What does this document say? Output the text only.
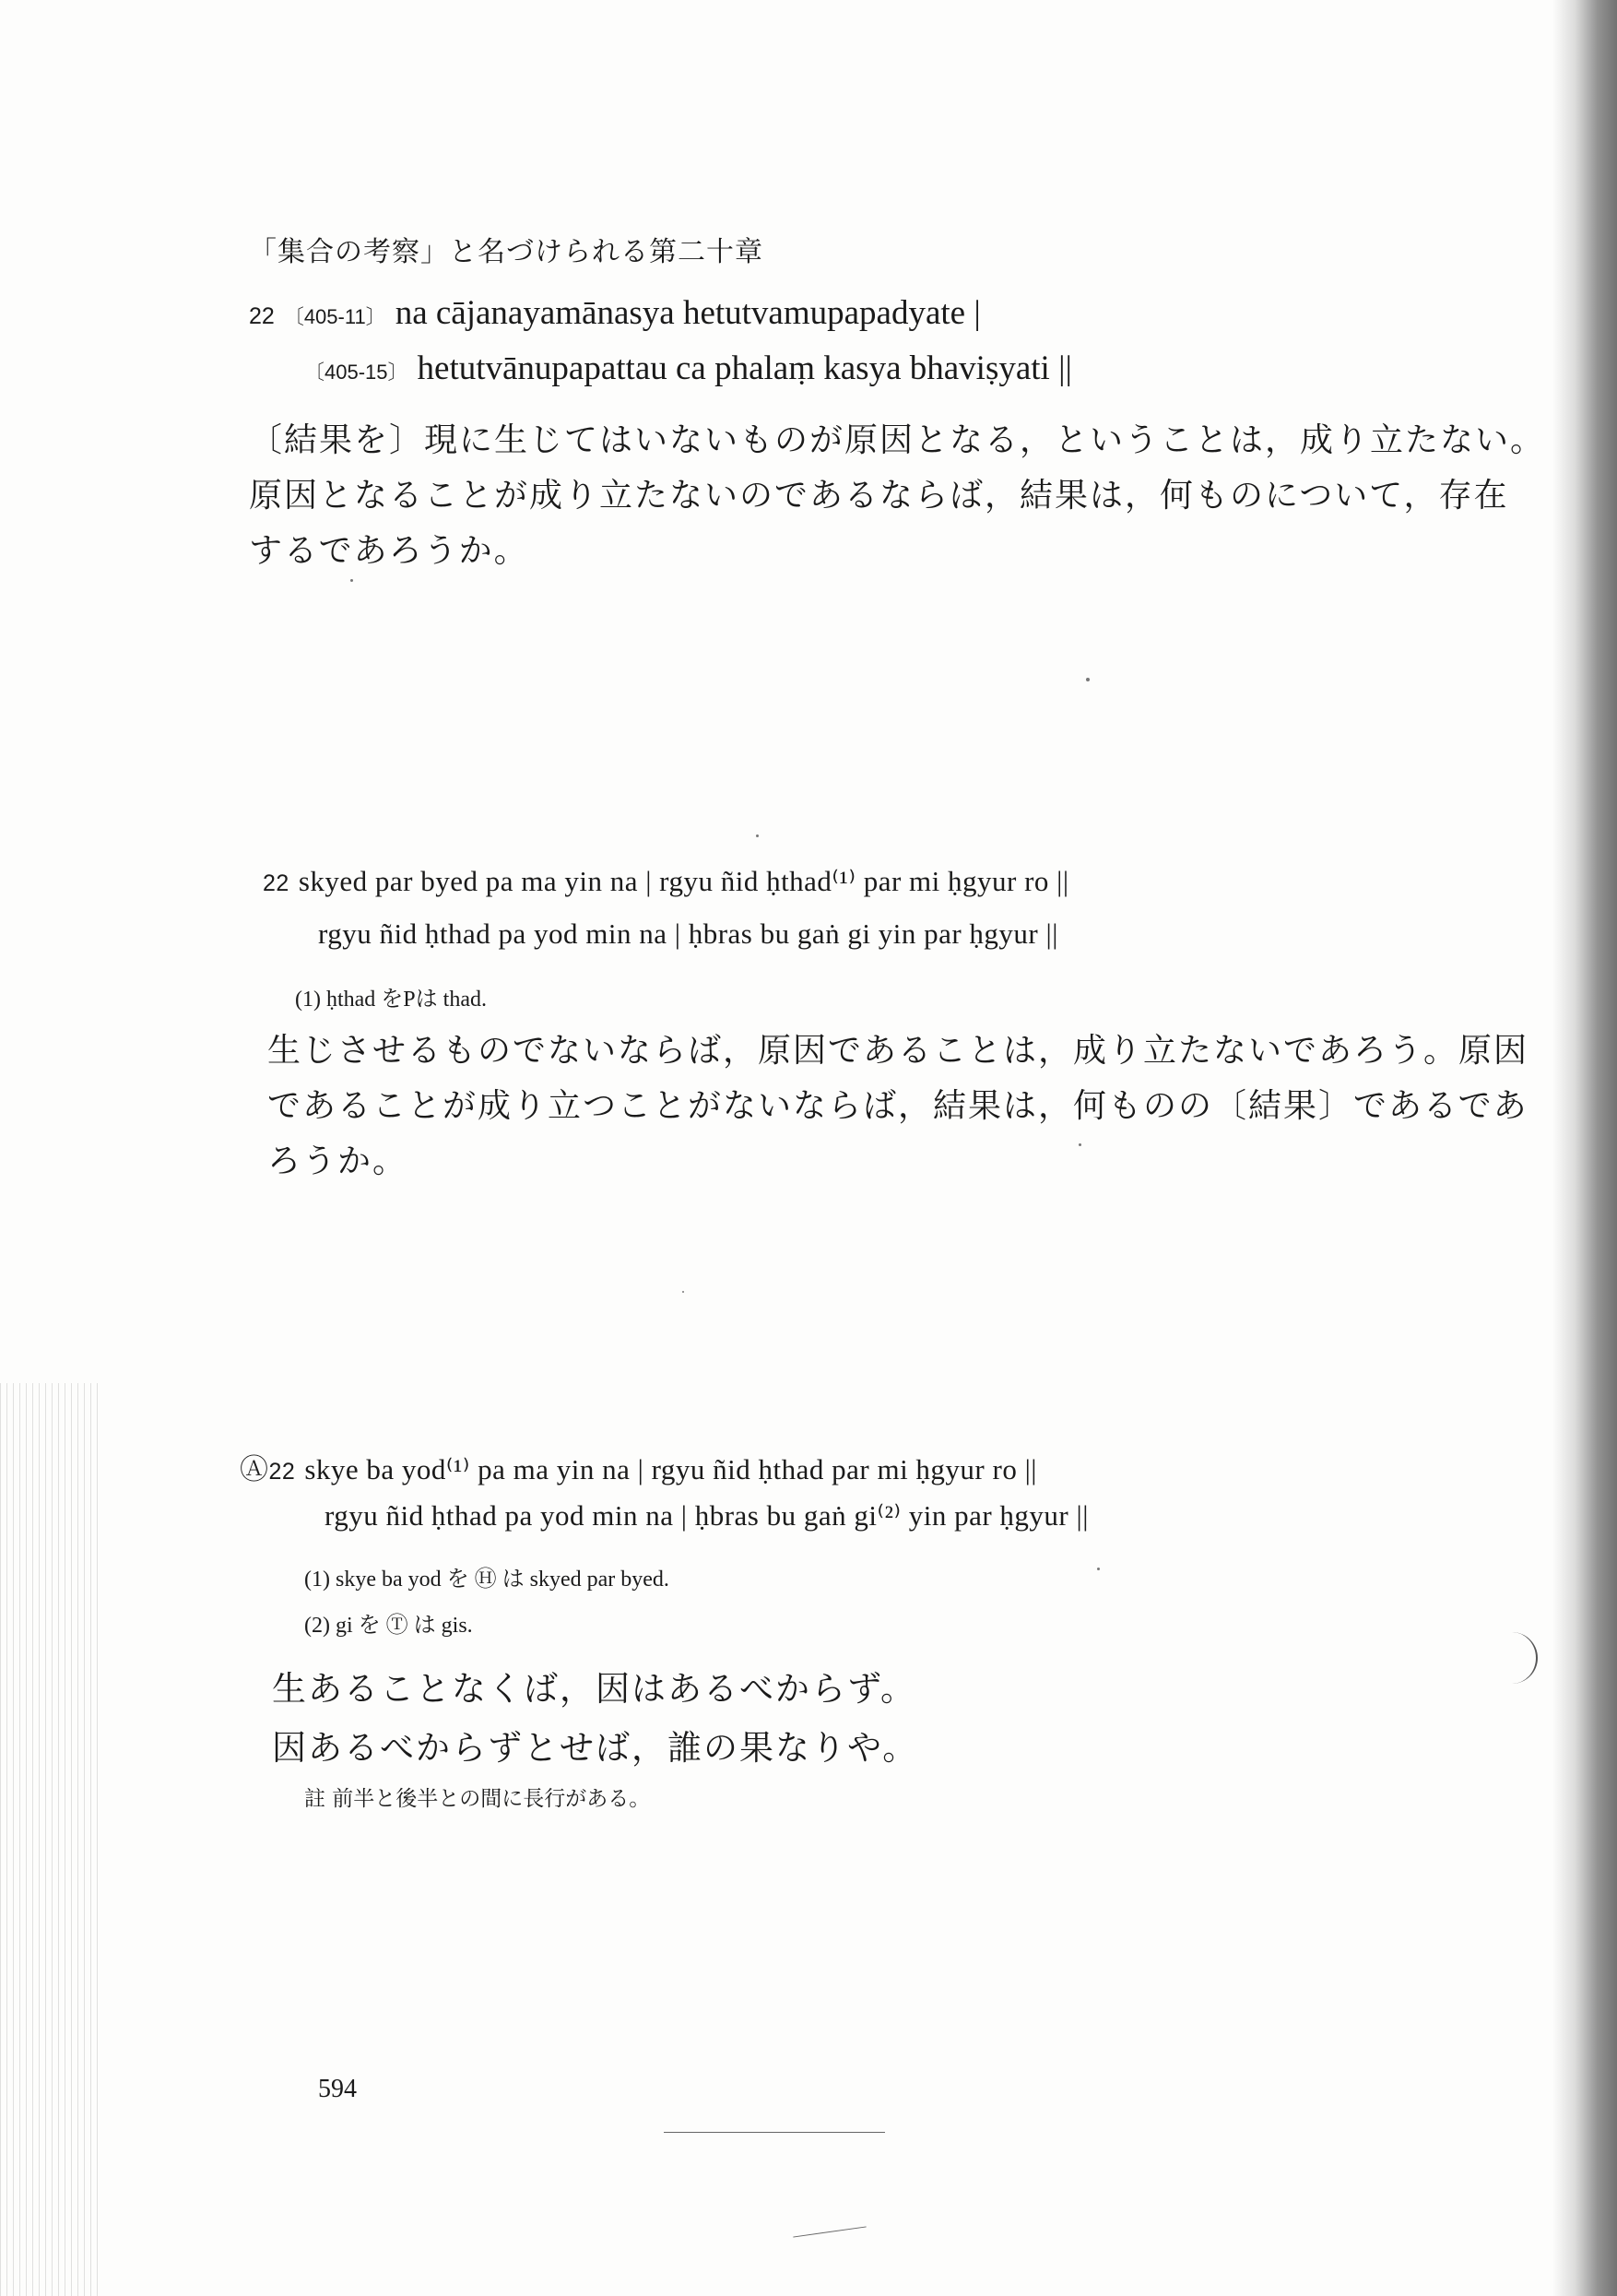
「集合の考察」と名づけられる第二十章
22 〔405-11〕 na cājanayamānasya hetutvamupapadyate |
〔405-15〕 hetutvānupapattau ca phalaṃ kasya bhaviṣyati ||
〔結果を〕現に生じてはいないものが原因となる，ということは，成り立たない。
原因となることが成り立たないのであるならば，結果は，何ものについて，存在
するであろうか。
22 skyed par byed pa ma yin na | rgyu ñid ḥthad⁽¹⁾ par mi ḥgyur ro ||
rgyu ñid ḥthad pa yod min na | ḥbras bu gaṅ gi yin par ḥgyur ||
(1) ḥthad をPは thad.
生じさせるものでないならば，原因であることは，成り立たないであろう。原因
であることが成り立つことがないならば，結果は，何ものの〔結果〕であるであ
ろうか。
Ⓐ22 skye ba yod⁽¹⁾ pa ma yin na | rgyu ñid ḥthad par mi ḥgyur ro ||
rgyu ñid ḥthad pa yod min na | ḥbras bu gaṅ gi⁽²⁾ yin par ḥgyur ||
(1) skye ba yod を Ⓗ は skyed par byed.
(2) gi を Ⓣ は gis.
生あることなくば，因はあるべからず。
因あるべからずとせば，誰の果なりや。
註 前半と後半との間に長行がある。
594
